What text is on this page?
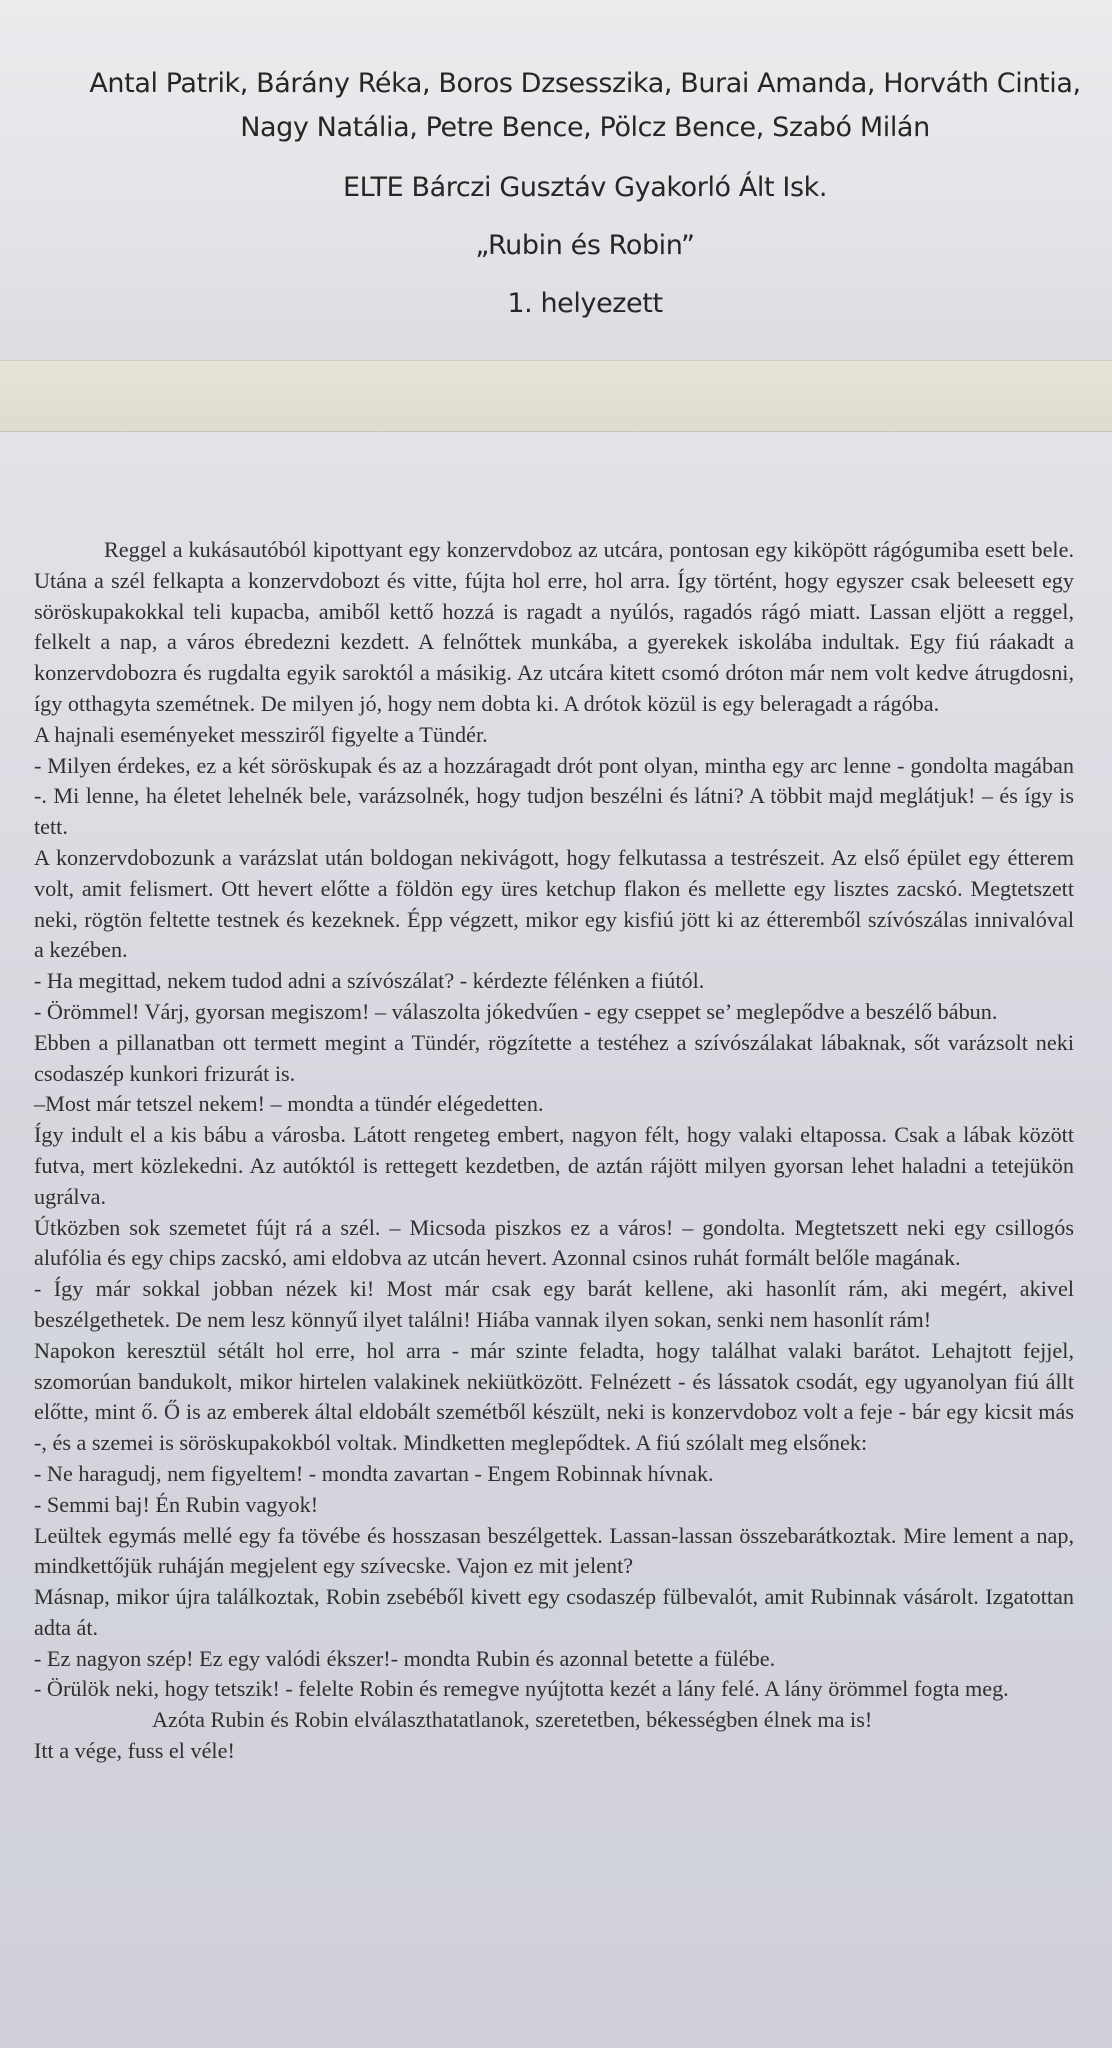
Antal Patrik, Bárány Réka, Boros Dzsesszika, Burai Amanda, Horváth Cintia,
Nagy Natália, Petre Bence, Pölcz Bence, Szabó Milán
ELTE Bárczi Gusztáv Gyakorló Ált Isk.
„Rubin és Robin”
1. helyezett

Reggel a kukásautóból kipottyant egy konzervdoboz az utcára, pontosan egy kiköpött rágógumiba esett bele. Utána a szél felkapta a konzervdobozt és vitte, fújta hol erre, hol arra. Így történt, hogy egyszer csak beleesett egy söröskupakokkal teli kupacba, amiből kettő hozzá is ragadt a nyúlós, ragadós rágó miatt. Lassan eljött a reggel, felkelt a nap, a város ébredezni kezdett. A felnőttek munkába, a gyerekek iskolába indultak. Egy fiú ráakadt a konzervdobozra és rugdalta egyik saroktól a másikig. Az utcára kitett csomó dróton már nem volt kedve átrugdosni, így otthagyta szemétnek. De milyen jó, hogy nem dobta ki. A drótok közül is egy beleragadt a rágóba.

A hajnali eseményeket messziről figyelte a Tündér.

- Milyen érdekes, ez a két söröskupak és az a hozzáragadt drót pont olyan, mintha egy arc lenne - gondolta magában -. Mi lenne, ha életet lehelnék bele, varázsolnék, hogy tudjon beszélni és látni? A többit majd meglátjuk! – és így is tett.

A konzervdobozunk a varázslat után boldogan nekivágott, hogy felkutassa a testrészeit. Az első épület egy étterem volt, amit felismert. Ott hevert előtte a földön egy üres ketchup flakon és mellette egy lisztes zacskó. Megtetszett neki, rögtön feltette testnek és kezeknek. Épp végzett, mikor egy kisfiú jött ki az étteremből szívószálas innivalóval a kezében.

- Ha megittad, nekem tudod adni a szívószálat? - kérdezte félénken a fiútól.

- Örömmel! Várj, gyorsan megiszom! – válaszolta jókedvűen - egy cseppet se’ meglepődve a beszélő bábun.

Ebben a pillanatban ott termett megint a Tündér, rögzítette a testéhez a szívószálakat lábaknak, sőt varázsolt neki csodaszép kunkori frizurát is.

–Most már tetszel nekem! – mondta a tündér elégedetten.

Így indult el a kis bábu a városba. Látott rengeteg embert, nagyon félt, hogy valaki eltapossa. Csak a lábak között futva, mert közlekedni. Az autóktól is rettegett kezdetben, de aztán rájött milyen gyorsan lehet haladni a tetejükön ugrálva.

Útközben sok szemetet fújt rá a szél. – Micsoda piszkos ez a város! – gondolta. Megtetszett neki egy csillogós alufólia és egy chips zacskó, ami eldobva az utcán hevert. Azonnal csinos ruhát formált belőle magának.

- Így már sokkal jobban nézek ki! Most már csak egy barát kellene, aki hasonlít rám, aki megért, akivel beszélgethetek. De nem lesz könnyű ilyet találni! Hiába vannak ilyen sokan, senki nem hasonlít rám!

Napokon keresztül sétált hol erre, hol arra - már szinte feladta, hogy találhat valaki barátot. Lehajtott fejjel, szomorúan bandukolt, mikor hirtelen valakinek nekiütközött. Felnézett - és lássatok csodát, egy ugyanolyan fiú állt előtte, mint ő. Ő is az emberek által eldobált szemétből készült, neki is konzervdoboz volt a feje - bár egy kicsit más -, és a szemei is söröskupakokból voltak. Mindketten meglepődtek. A fiú szólalt meg elsőnek:

- Ne haragudj, nem figyeltem! - mondta zavartan - Engem Robinnak hívnak.

- Semmi baj! Én Rubin vagyok!

Leültek egymás mellé egy fa tövébe és hosszasan beszélgettek. Lassan-lassan összebarátkoztak. Mire lement a nap, mindkettőjük ruháján megjelent egy szívecske. Vajon ez mit jelent?

Másnap, mikor újra találkoztak, Robin zsebéből kivett egy csodaszép fülbevalót, amit Rubinnak vásárolt. Izgatottan adta át.

- Ez nagyon szép! Ez egy valódi ékszer!- mondta Rubin és azonnal betette a fülébe.

- Örülök neki, hogy tetszik! - felelte Robin és remegve nyújtotta kezét a lány felé. A lány örömmel fogta meg.

Azóta Rubin és Robin elválaszthatatlanok, szeretetben, békességben élnek ma is!

Itt a vége, fuss el véle!
